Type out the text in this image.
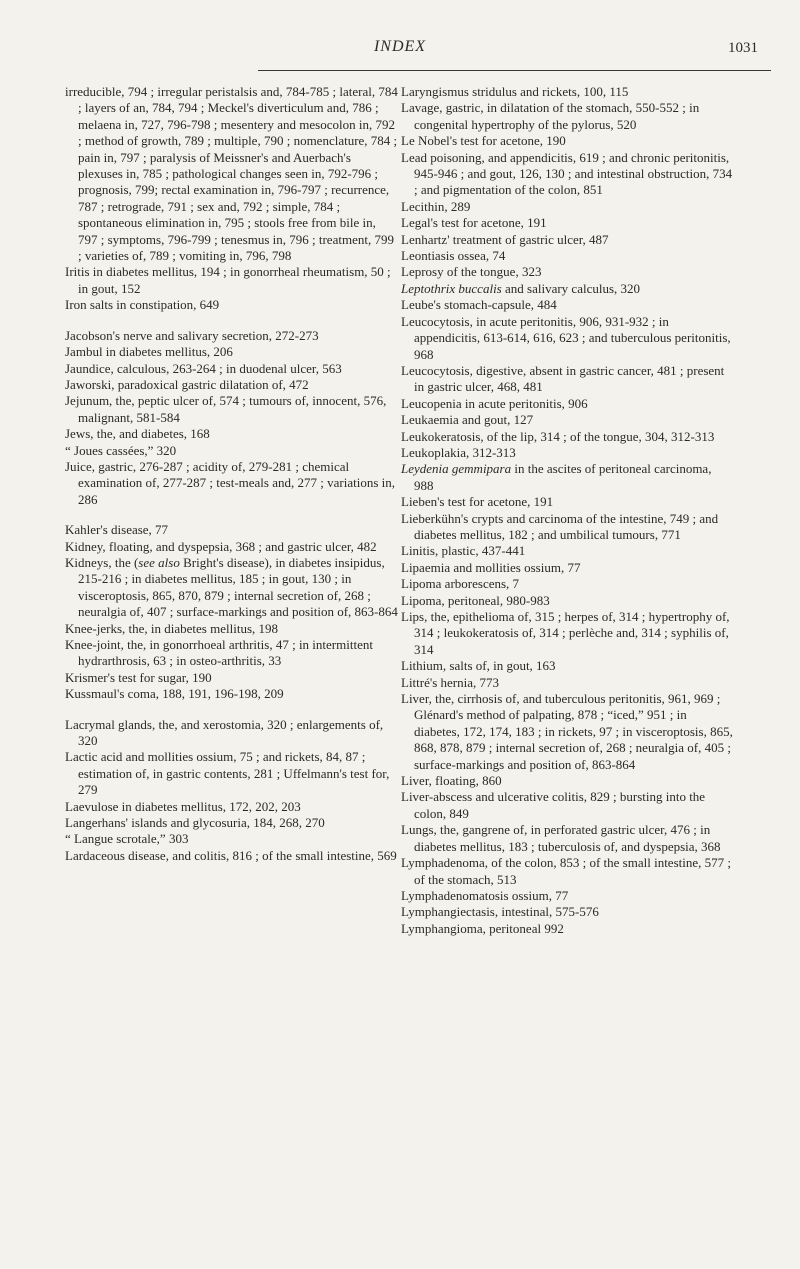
INDEX	1031

irreducible, 794 ; irregular peristalsis and, 784-785 ; lateral, 784 ; layers of an, 784, 794 ; Meckel's diverticulum and, 786 ; melaena in, 727, 796-798 ; mesentery and mesocolon in, 792 ; method of growth, 789 ; multiple, 790 ; nomenclature, 784 ; pain in, 797 ; paralysis of Meissner's and Auerbach's plexuses in, 785 ; pathological changes seen in, 792-796 ; prognosis, 799; rectal examination in, 796-797 ; recurrence, 787 ; retrograde, 791 ; sex and, 792 ; simple, 784 ; spontaneous elimination in, 795 ; stools free from bile in, 797 ; symptoms, 796-799 ; tenesmus in, 796 ; treatment, 799 ; varieties of, 789 ; vomiting in, 796, 798

Iritis in diabetes mellitus, 194 ; in gonorrheal rheumatism, 50 ; in gout, 152

Iron salts in constipation, 649

Jacobson's nerve and salivary secretion, 272-273

Jambul in diabetes mellitus, 206

Jaundice, calculous, 263-264 ; in duodenal ulcer, 563

Jaworski, paradoxical gastric dilatation of, 472

Jejunum, the, peptic ulcer of, 574 ; tumours of, innocent, 576, malignant, 581-584

Jews, the, and diabetes, 168

“ Joues cassées,” 320

Juice, gastric, 276-287 ; acidity of, 279-281 ; chemical examination of, 277-287 ; test-meals and, 277 ; variations in, 286

Kahler's disease, 77

Kidney, floating, and dyspepsia, 368 ; and gastric ulcer, 482

Kidneys, the (see also Bright's disease), in diabetes insipidus, 215-216 ; in diabetes mellitus, 185 ; in gout, 130 ; in visceroptosis, 865, 870, 879 ; internal secretion of, 268 ; neuralgia of, 407 ; surface-markings and position of, 863-864

Knee-jerks, the, in diabetes mellitus, 198

Knee-joint, the, in gonorrhoeal arthritis, 47 ; in intermittent hydrarthrosis, 63 ; in osteo-arthritis, 33

Krismer's test for sugar, 190

Kussmaul's coma, 188, 191, 196-198, 209

Lacrymal glands, the, and xerostomia, 320 ; enlargements of, 320

Lactic acid and mollities ossium, 75 ; and rickets, 84, 87 ; estimation of, in gastric contents, 281 ; Uffelmann's test for, 279

Laevulose in diabetes mellitus, 172, 202, 203

Langerhans' islands and glycosuria, 184, 268, 270

“ Langue scrotale,” 303

Lardaceous disease, and colitis, 816 ; of the small intestine, 569

Laryngismus stridulus and rickets, 100, 115

Lavage, gastric, in dilatation of the stomach, 550-552 ; in congenital hypertrophy of the pylorus, 520

Le Nobel's test for acetone, 190

Lead poisoning, and appendicitis, 619 ; and chronic peritonitis, 945-946 ; and gout, 126, 130 ; and intestinal obstruction, 734 ; and pigmentation of the colon, 851

Lecithin, 289

Legal's test for acetone, 191

Lenhartz' treatment of gastric ulcer, 487

Leontiasis ossea, 74

Leprosy of the tongue, 323

Leptothrix buccalis and salivary calculus, 320

Leube's stomach-capsule, 484

Leucocytosis, in acute peritonitis, 906, 931-932 ; in appendicitis, 613-614, 616, 623 ; and tuberculous peritonitis, 968

Leucocytosis, digestive, absent in gastric cancer, 481 ; present in gastric ulcer, 468, 481

Leucopenia in acute peritonitis, 906

Leukaemia and gout, 127

Leukokeratosis, of the lip, 314 ; of the tongue, 304, 312-313

Leukoplakia, 312-313

Leydenia gemmipara in the ascites of peritoneal carcinoma, 988

Lieben's test for acetone, 191

Lieberkühn's crypts and carcinoma of the intestine, 749 ; and diabetes mellitus, 182 ; and umbilical tumours, 771

Linitis, plastic, 437-441

Lipaemia and mollities ossium, 77

Lipoma arborescens, 7

Lipoma, peritoneal, 980-983

Lips, the, epithelioma of, 315 ; herpes of, 314 ; hypertrophy of, 314 ; leukokeratosis of, 314 ; perlèche and, 314 ; syphilis of, 314

Lithium, salts of, in gout, 163

Littré's hernia, 773

Liver, the, cirrhosis of, and tuberculous peritonitis, 961, 969 ; Glénard's method of palpating, 878 ; “iced,” 951 ; in diabetes, 172, 174, 183 ; in rickets, 97 ; in visceroptosis, 865, 868, 878, 879 ; internal secretion of, 268 ; neuralgia of, 405 ; surface-markings and position of, 863-864

Liver, floating, 860

Liver-abscess and ulcerative colitis, 829 ; bursting into the colon, 849

Lungs, the, gangrene of, in perforated gastric ulcer, 476 ; in diabetes mellitus, 183 ; tuberculosis of, and dyspepsia, 368

Lymphadenoma, of the colon, 853 ; of the small intestine, 577 ; of the stomach, 513

Lymphadenomatosis ossium, 77

Lymphangiectasis, intestinal, 575-576

Lymphangioma, peritoneal 992
